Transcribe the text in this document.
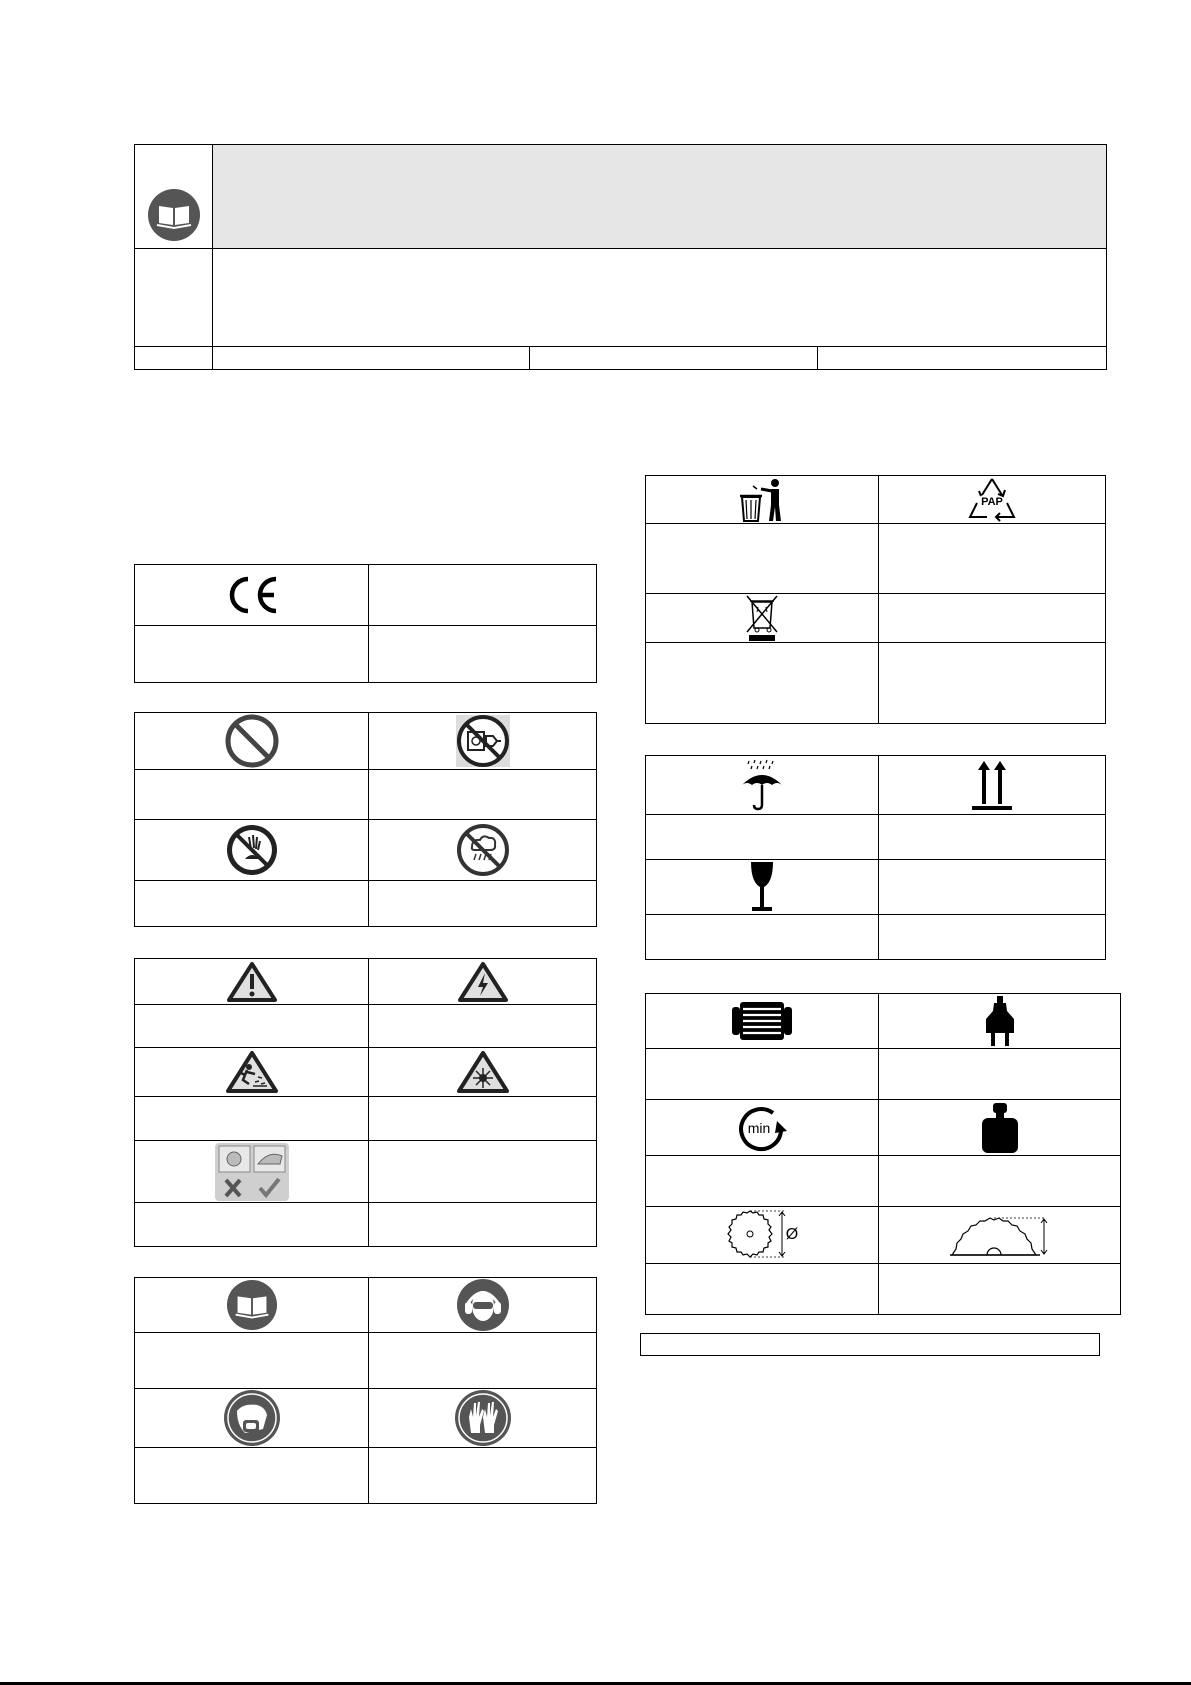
PAP

min

Ø
